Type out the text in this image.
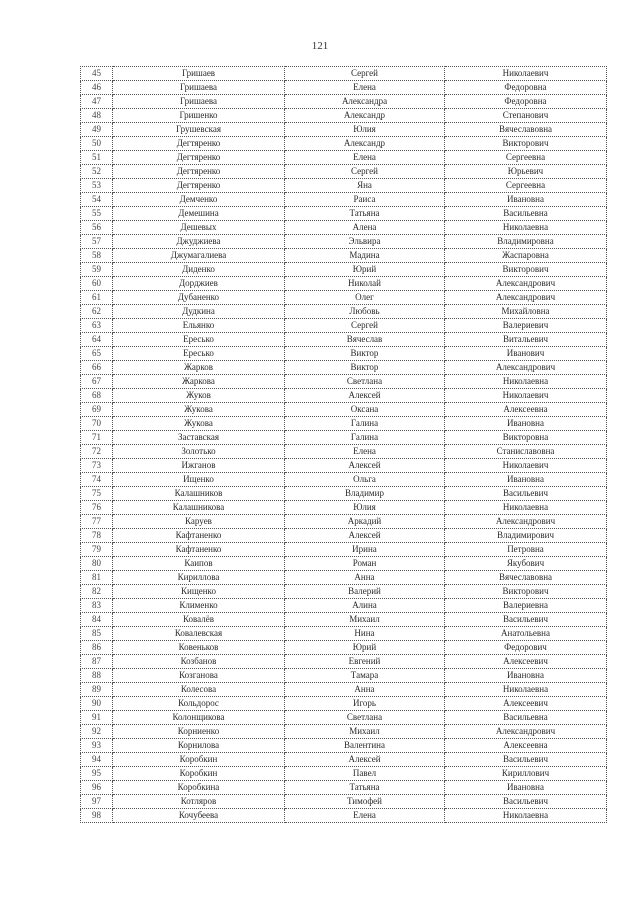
121
45	Гришаев	Сергей	Николаевич
46	Гришаева	Елена	Федоровна
47	Гришаева	Александра	Федоровна
48	Гришенко	Александр	Степанович
49	Грушевская	Юлия	Вячеславовна
50	Дегтяренко	Александр	Викторович
51	Дегтяренко	Елена	Сергеевна
52	Дегтяренко	Сергей	Юрьевич
53	Дегтяренко	Яна	Сергеевна
54	Демченко	Раиса	Ивановна
55	Демешина	Татьяна	Васильевна
56	Дешевых	Алена	Николаевна
57	Джуджиева	Эльвира	Владимировна
58	Джумагалиева	Мадина	Жаспаровна
59	Диденко	Юрий	Викторович
60	Дорджиев	Николай	Александрович
61	Дубаненко	Олег	Александрович
62	Дудкина	Любовь	Михайловна
63	Ельянко	Сергей	Валериевич
64	Ересько	Вячеслав	Витальевич
65	Ересько	Виктор	Иванович
66	Жарков	Виктор	Александрович
67	Жаркова	Светлана	Николаевна
68	Жуков	Алексей	Николаевич
69	Жукова	Оксана	Алексеевна
70	Жукова	Галина	Ивановна
71	Заставская	Галина	Викторовна
72	Золотько	Елена	Станиславовна
73	Ижганов	Алексей	Николаевич
74	Ищенко	Ольга	Ивановна
75	Калашников	Владимир	Васильевич
76	Калашникова	Юлия	Николаевна
77	Каруев	Аркадий	Александрович
78	Кафтаненко	Алексей	Владимирович
79	Кафтаненко	Ирина	Петровна
80	Каипов	Роман	Якубович
81	Кириллова	Анна	Вячеславовна
82	Кищенко	Валерий	Викторович
83	Клименко	Алина	Валериевна
84	Ковалёв	Михаил	Васильевич
85	Ковалевская	Нина	Анатольевна
86	Ковеньков	Юрий	Федорович
87	Козбанов	Евгений	Алексеевич
88	Козганова	Тамара	Ивановна
89	Колесова	Анна	Николаевна
90	Кольдорос	Игорь	Алексеевич
91	Колонщикова	Светлана	Васильевна
92	Корниенко	Михаил	Александрович
93	Корнилова	Валентина	Алексеевна
94	Коробкин	Алексей	Васильевич
95	Коробкин	Павел	Кириллович
96	Коробкина	Татьяна	Ивановна
97	Котляров	Тимофей	Васильевич
98	Кочубеева	Елена	Николаевна
